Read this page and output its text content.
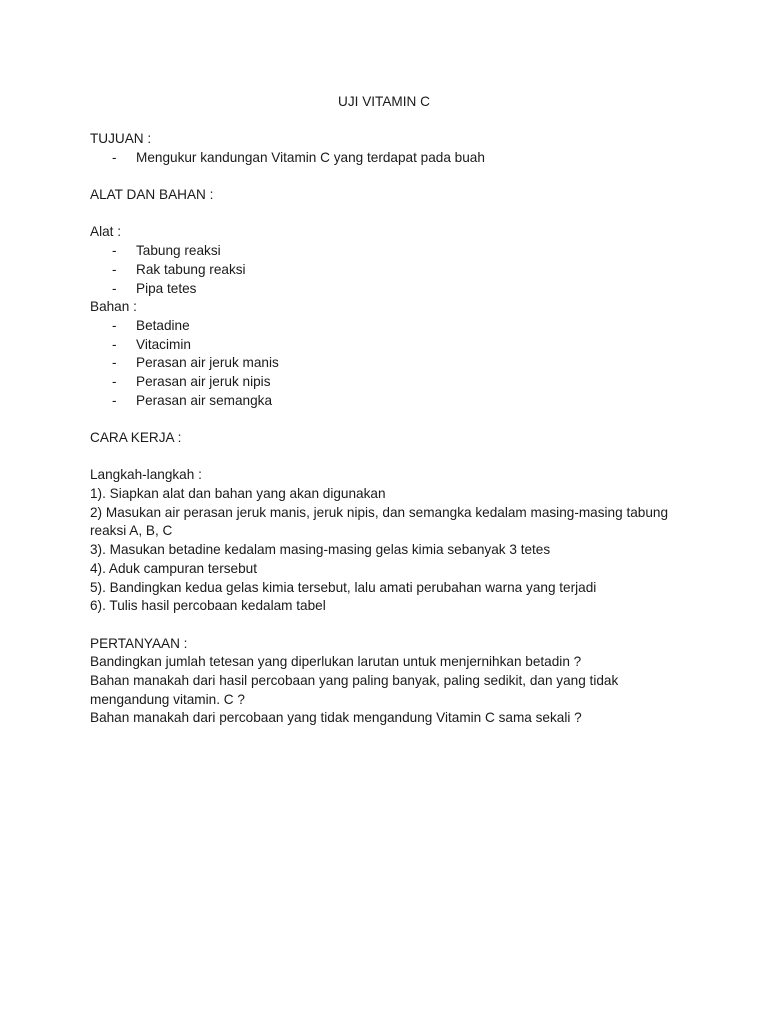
UJI VITAMIN C
TUJUAN :
- Mengukur kandungan Vitamin C yang terdapat pada buah
ALAT DAN BAHAN :
Alat :
- Tabung reaksi
- Rak tabung reaksi
- Pipa tetes
Bahan :
- Betadine
- Vitacimin
- Perasan air jeruk manis
- Perasan air jeruk nipis
- Perasan air semangka
CARA KERJA :
Langkah-langkah :
1). Siapkan alat dan bahan yang akan digunakan
2) Masukan air perasan jeruk manis, jeruk nipis, dan semangka kedalam masing-masing tabung
reaksi A, B, C
3). Masukan betadine kedalam masing-masing gelas kimia sebanyak 3 tetes
4). Aduk campuran tersebut
5). Bandingkan kedua gelas kimia tersebut, lalu amati perubahan warna yang terjadi
6). Tulis hasil percobaan kedalam tabel
PERTANYAAN :
Bandingkan jumlah tetesan yang diperlukan larutan untuk menjernihkan betadin ?
Bahan manakah dari hasil percobaan yang paling banyak, paling sedikit, dan yang tidak
mengandung vitamin. C ?
Bahan manakah dari percobaan yang tidak mengandung Vitamin C sama sekali ?
